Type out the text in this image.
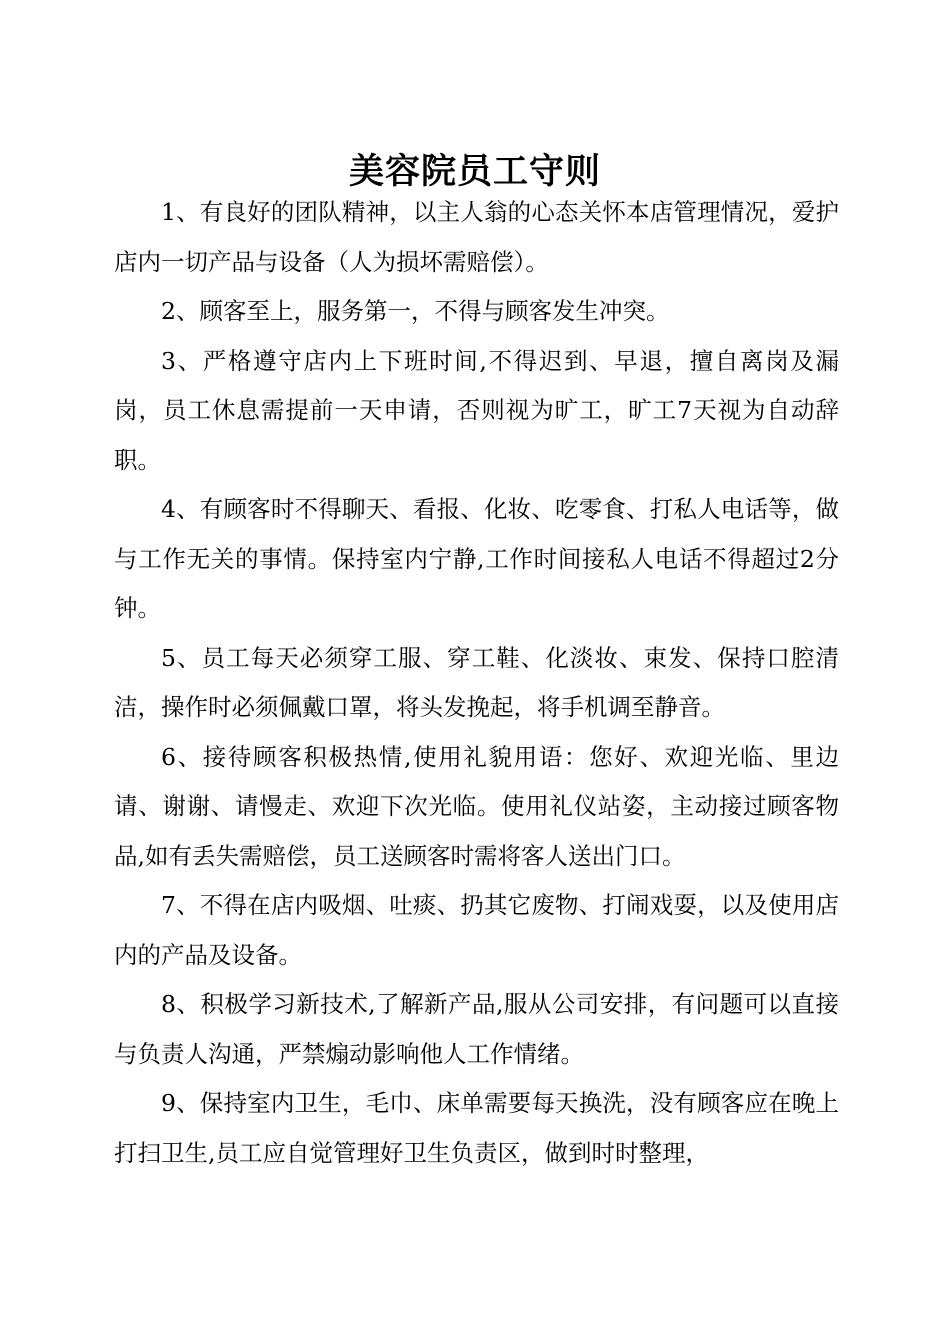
美容院员工守则

1、有良好的团队精神，以主人翁的心态关怀本店管理情况，爱护店内一切产品与设备（人为损坏需赔偿）。

2、顾客至上，服务第一，不得与顾客发生冲突。

3、严格遵守店内上下班时间,不得迟到、早退，擅自离岗及漏岗，员工休息需提前一天申请，否则视为旷工，旷工7天视为自动辞职。

4、有顾客时不得聊天、看报、化妆、吃零食、打私人电话等，做与工作无关的事情。保持室内宁静,工作时间接私人电话不得超过2分钟。

5、员工每天必须穿工服、穿工鞋、化淡妆、束发、保持口腔清洁，操作时必须佩戴口罩，将头发挽起，将手机调至静音。

6、接待顾客积极热情,使用礼貌用语：您好、欢迎光临、里边请、谢谢、请慢走、欢迎下次光临。使用礼仪站姿，主动接过顾客物品,如有丢失需赔偿，员工送顾客时需将客人送出门口。

7、不得在店内吸烟、吐痰、扔其它废物、打闹戏耍，以及使用店内的产品及设备。

8、积极学习新技术,了解新产品,服从公司安排，有问题可以直接与负责人沟通，严禁煽动影响他人工作情绪。

9、保持室内卫生，毛巾、床单需要每天换洗，没有顾客应在晚上打扫卫生,员工应自觉管理好卫生负责区，做到时时整理，
